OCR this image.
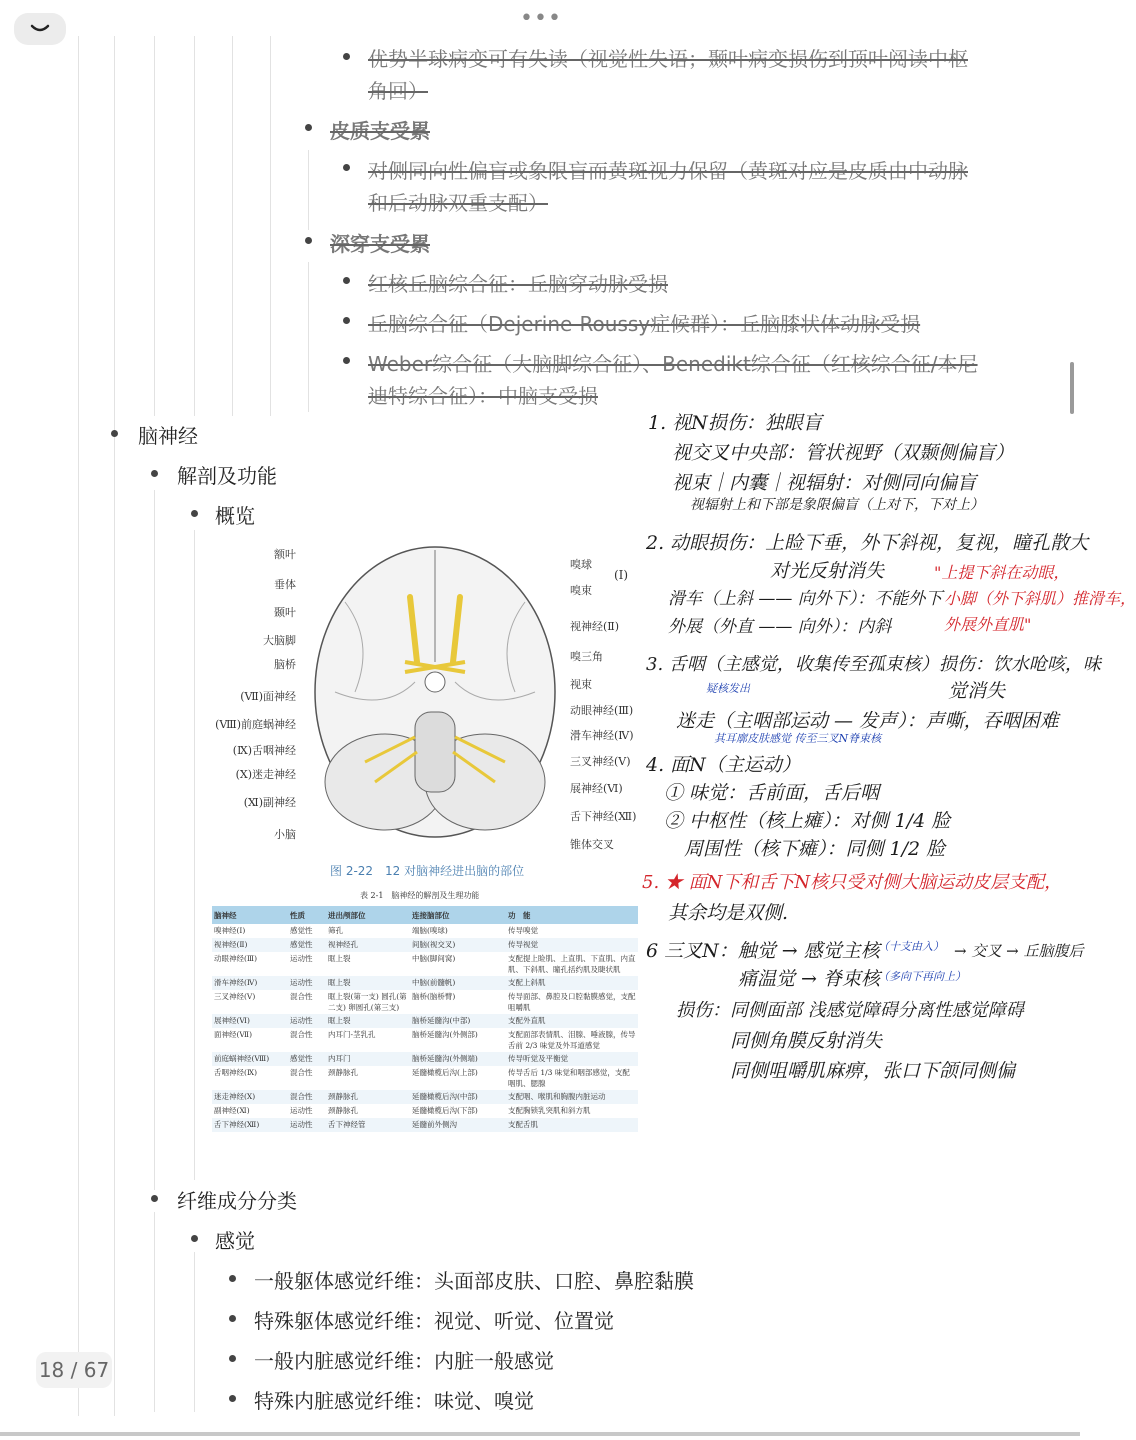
•••
优势半球病变可有失读（视觉性失语；颞叶病变损伤到顶叶阅读中枢
角回）
皮质支受累
对侧同向性偏盲或象限盲而黄斑视力保留（黄斑对应是皮质由中动脉
和后动脉双重支配）
深穿支受累
红核丘脑综合征：丘脑穿动脉受损
丘脑综合征（Dejerine-Roussy症候群）：丘脑膝状体动脉受损
Weber综合征（大脑脚综合征）、Benedikt综合征（红核综合征/本尼
迪特综合征）：中脑支受损
脑神经
解剖及功能
概览
额叶
垂体
颞叶
大脑脚
脑桥
(Ⅶ)面神经
(Ⅷ)前庭蜗神经
(Ⅸ)舌咽神经
(Ⅹ)迷走神经
(Ⅺ)副神经
小脑
嗅球
嗅束
视神经(Ⅱ)
嗅三角
视束
动眼神经(Ⅲ)
滑车神经(Ⅳ)
三叉神经(Ⅴ)
展神经(Ⅵ)
舌下神经(Ⅻ)
锥体交叉
(Ⅰ)
图 2-22　12 对脑神经进出脑的部位
表 2-1　脑神经的解剖及生理功能
脑神经	性质	进出颅部位	连接脑部位	功　能
嗅神经(Ⅰ)	感觉性	筛孔	端脑(嗅球)	传导嗅觉
视神经(Ⅱ)	感觉性	视神经孔	间脑(视交叉)	传导视觉
动眼神经(Ⅲ)	运动性	眶上裂	中脑(脚间窝)	支配提上睑肌、上直肌、下直肌、内直肌、下斜肌、瞳孔括约肌及睫状肌
滑车神经(Ⅳ)	运动性	眶上裂	中脑(前髓帆)	支配上斜肌
三叉神经(Ⅴ)	混合性	眶上裂(第一支) 圆孔(第二支) 卵圆孔(第三支)	脑桥(脑桥臂)	传导面部、鼻腔及口腔黏膜感觉，支配咀嚼肌
展神经(Ⅵ)	运动性	眶上裂	脑桥延髓沟(中部)	支配外直肌
面神经(Ⅶ)	混合性	内耳门-茎乳孔	脑桥延髓沟(外侧部)	支配面部表情肌、泪腺、唾液腺，传导舌前 2/3 味觉及外耳道感觉
前庭蜗神经(Ⅷ)	感觉性	内耳门	脑桥延髓沟(外侧端)	传导听觉及平衡觉
舌咽神经(Ⅸ)	混合性	颈静脉孔	延髓橄榄后沟(上部)	传导舌后 1/3 味觉和咽部感觉，支配咽肌、腮腺
迷走神经(Ⅹ)	混合性	颈静脉孔	延髓橄榄后沟(中部)	支配咽、喉肌和胸腹内脏运动
副神经(Ⅺ)	运动性	颈静脉孔	延髓橄榄后沟(下部)	支配胸锁乳突肌和斜方肌
舌下神经(Ⅻ)	运动性	舌下神经管	延髓前外侧沟	支配舌肌
1. 视N损伤：独眼盲
视交叉中央部：管状视野（双颞侧偏盲）
视束｜内囊｜视辐射：对侧同向偏盲
视辐射上和下部是象限偏盲（上对下，下对上）
2. 动眼损伤：上睑下垂，外下斜视，复视，瞳孔散大
对光反射消失	"上提下斜在动眼，
小脚（外下斜肌）推滑车，
外展外直肌"
滑车（上斜 —— 向外下）：不能外下
外展（外直 —— 向外）：内斜
3. 舌咽（主感觉，收集传至孤束核）损伤：饮水呛咳，味
疑核发出	觉消失
迷走（主咽部运动 — 发声）：声嘶，吞咽困难
其耳廓皮肤感觉 传至三叉N脊束核
4. 面N（主运动）
① 味觉：舌前面，舌后咽
② 中枢性（核上瘫）：对侧 1/4 脸
周围性（核下瘫）：同侧 1/2 脸
5. ★ 面N下和舌下N核只受对侧大脑运动皮层支配，
其余均是双侧.
6 三叉N：触觉 → 感觉主核
（十支由入） → 交叉 → 丘脑腹后
痛温觉 → 脊束核
（多向下再向上）
损伤：同侧面部 浅感觉障碍分离性感觉障碍
同侧角膜反射消失
同侧咀嚼肌麻痹，张口下颌同侧偏
纤维成分分类
感觉
一般躯体感觉纤维：头面部皮肤、口腔、鼻腔黏膜
特殊躯体感觉纤维：视觉、听觉、位置觉
一般内脏感觉纤维：内脏一般感觉
特殊内脏感觉纤维：味觉、嗅觉
18 / 67
